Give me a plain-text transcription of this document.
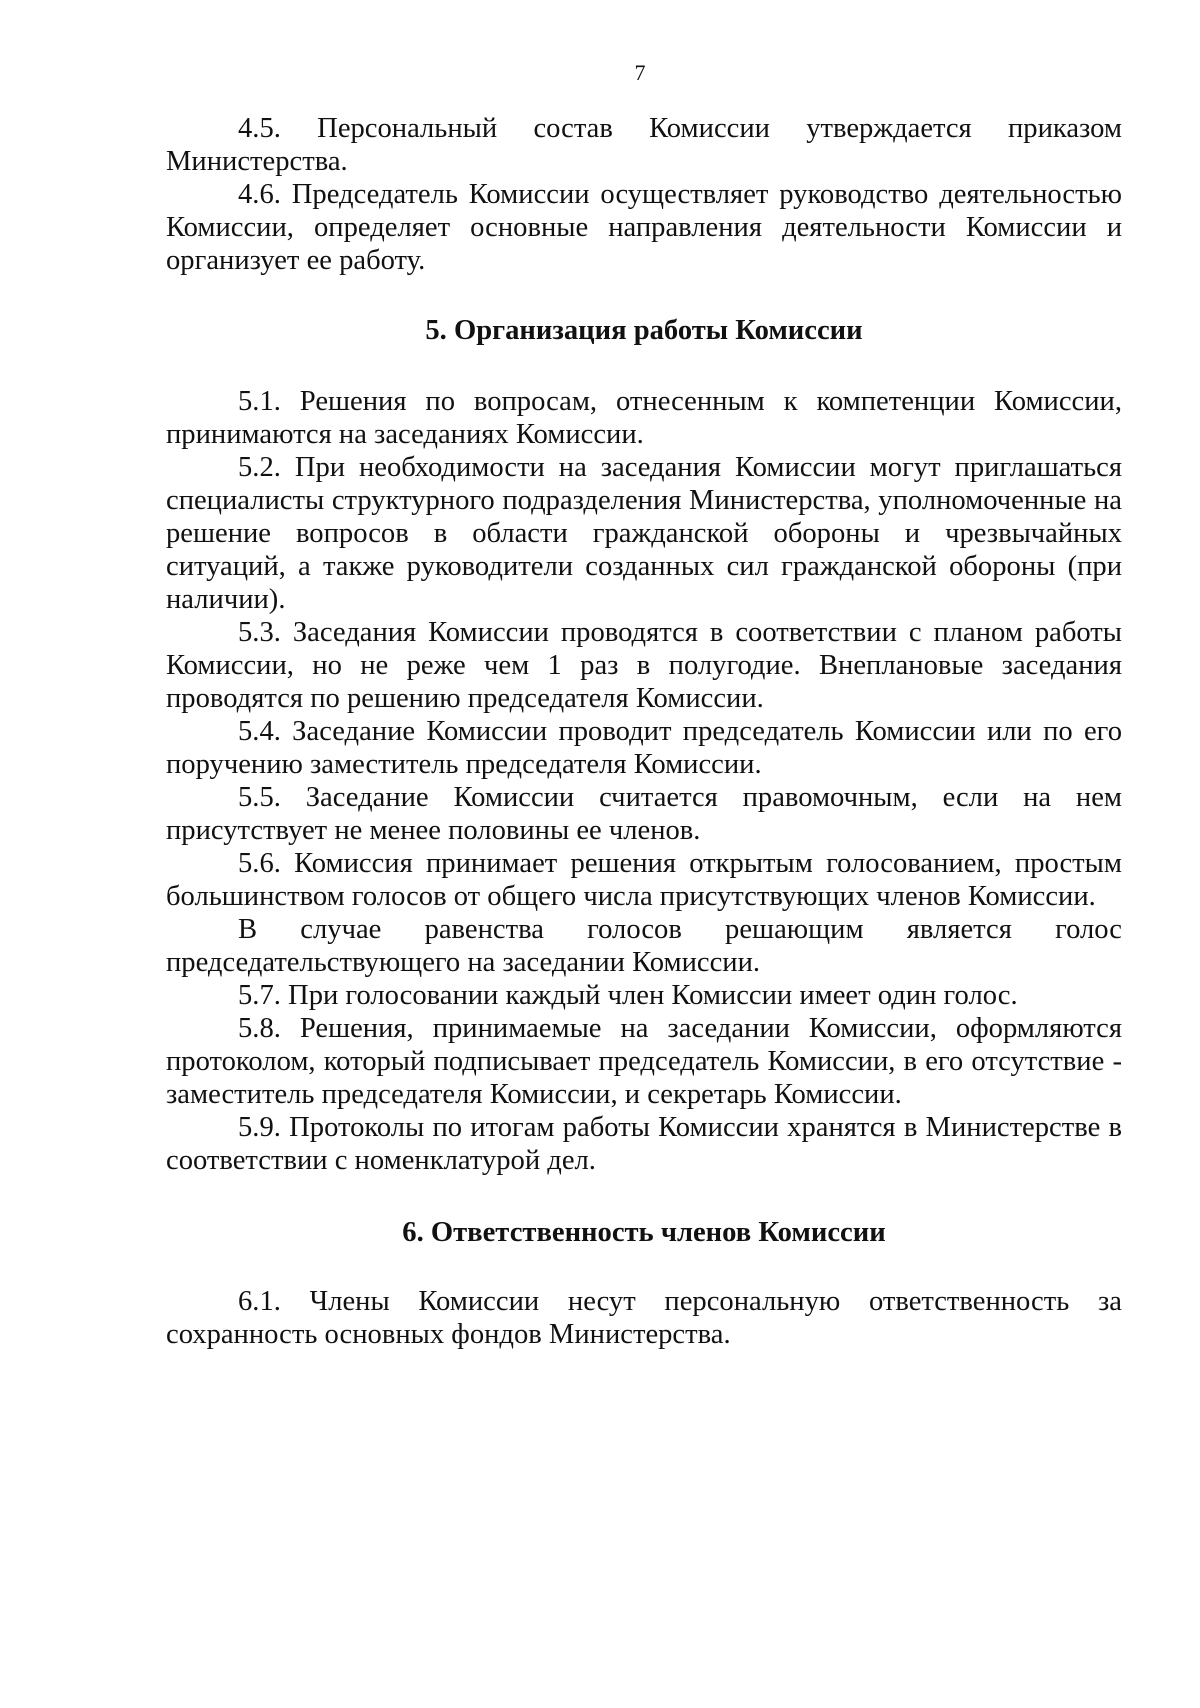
7

4.5. Персональный состав Комиссии утверждается приказом Министерства.

4.6. Председатель Комиссии осуществляет руководство деятельностью Комиссии, определяет основные направления деятельности Комиссии и организует ее работу.

5. Организация работы Комиссии

5.1. Решения по вопросам, отнесенным к компетенции Комиссии, принимаются на заседаниях Комиссии.

5.2. При необходимости на заседания Комиссии могут приглашаться специалисты структурного подразделения Министерства, уполномоченные на решение вопросов в области гражданской обороны и чрезвычайных ситуаций, а также руководители созданных сил гражданской обороны (при наличии).

5.3. Заседания Комиссии проводятся в соответствии с планом работы Комиссии, но не реже чем 1 раз в полугодие. Внеплановые заседания проводятся по решению председателя Комиссии.

5.4. Заседание Комиссии проводит председатель Комиссии или по его поручению заместитель председателя Комиссии.

5.5. Заседание Комиссии считается правомочным, если на нем присутствует не менее половины ее членов.

5.6. Комиссия принимает решения открытым голосованием, простым большинством голосов от общего числа присутствующих членов Комиссии.

В случае равенства голосов решающим является голос председательствующего на заседании Комиссии.

5.7. При голосовании каждый член Комиссии имеет один голос.

5.8. Решения, принимаемые на заседании Комиссии, оформляются протоколом, который подписывает председатель Комиссии, в его отсутствие - заместитель председателя Комиссии, и секретарь Комиссии.

5.9. Протоколы по итогам работы Комиссии хранятся в Министерстве в соответствии с номенклатурой дел.

6. Ответственность членов Комиссии

6.1. Члены Комиссии несут персональную ответственность за сохранность основных фондов Министерства.
